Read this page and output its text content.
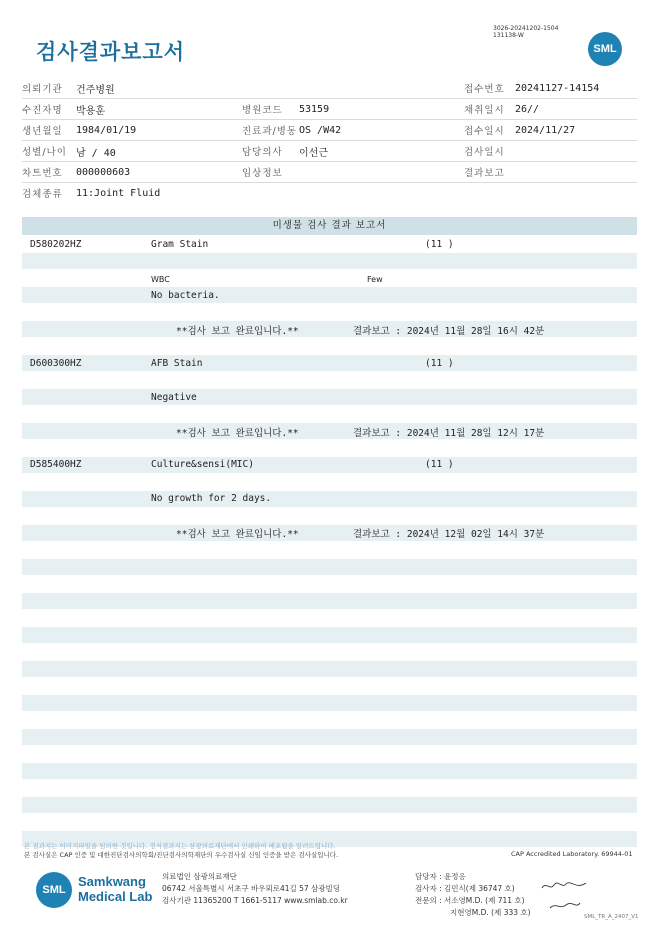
검사결과보고서
3026-20241202-1504
131138-W
SML
의뢰기관	건주병원			접수번호	20241127-14154
수진자명	박용훈	병원코드	53159	채취일시	26//
생년월일	1984/01/19	진료과/병동	OS /W42	접수일시	2024/11/27
성별/나이	남 / 40	담당의사	이선근	검사일시	
차트번호	000000603	임상정보		결과보고	
검체종류	11:Joint Fluid				
미생물 검사 결과 보고서
D580202HZ	Gram Stain	(11 )
WBC	Few
No bacteria.
**검사 보고 완료입니다.**	결과보고 : 2024년 11월 28일 16시 42분
D600300HZ	AFB Stain	(11 )
Negative
**검사 보고 완료입니다.**	결과보고 : 2024년 11월 28일 12시 17분
D585400HZ	Culture&sensi(MIC)	(11 )
No growth for 2 days.
**검사 보고 완료입니다.**	결과보고 : 2024년 12월 02일 14시 37분
본 결과지는 이미지파일을 임의한 것입니다. 정식결과지는 삼광의료재단에서 인쇄하여 배포됨을 알려드립니다.
본 검사실은 CAP 인증 및 대한진단검사의학회/진단검사의학재단의 우수검사실 신임 인증을 받은 검사실입니다.	CAP Accredited Laboratory. 69944-01
SML
Samkwang
Medical Lab
의료법인 삼광의료재단
06742 서울특별시 서초구 바우뫼로41길 57 삼광빌딩
검사기관 11365200 T 1661-5117 www.smlab.co.kr
담당자 : 윤정응
검사자 : 김민식(제 36747 호)
전문의 : 서소영M.D. (제 711 호)
지현영M.D. (제 333 호)	SML_TR_A_2407_V1
